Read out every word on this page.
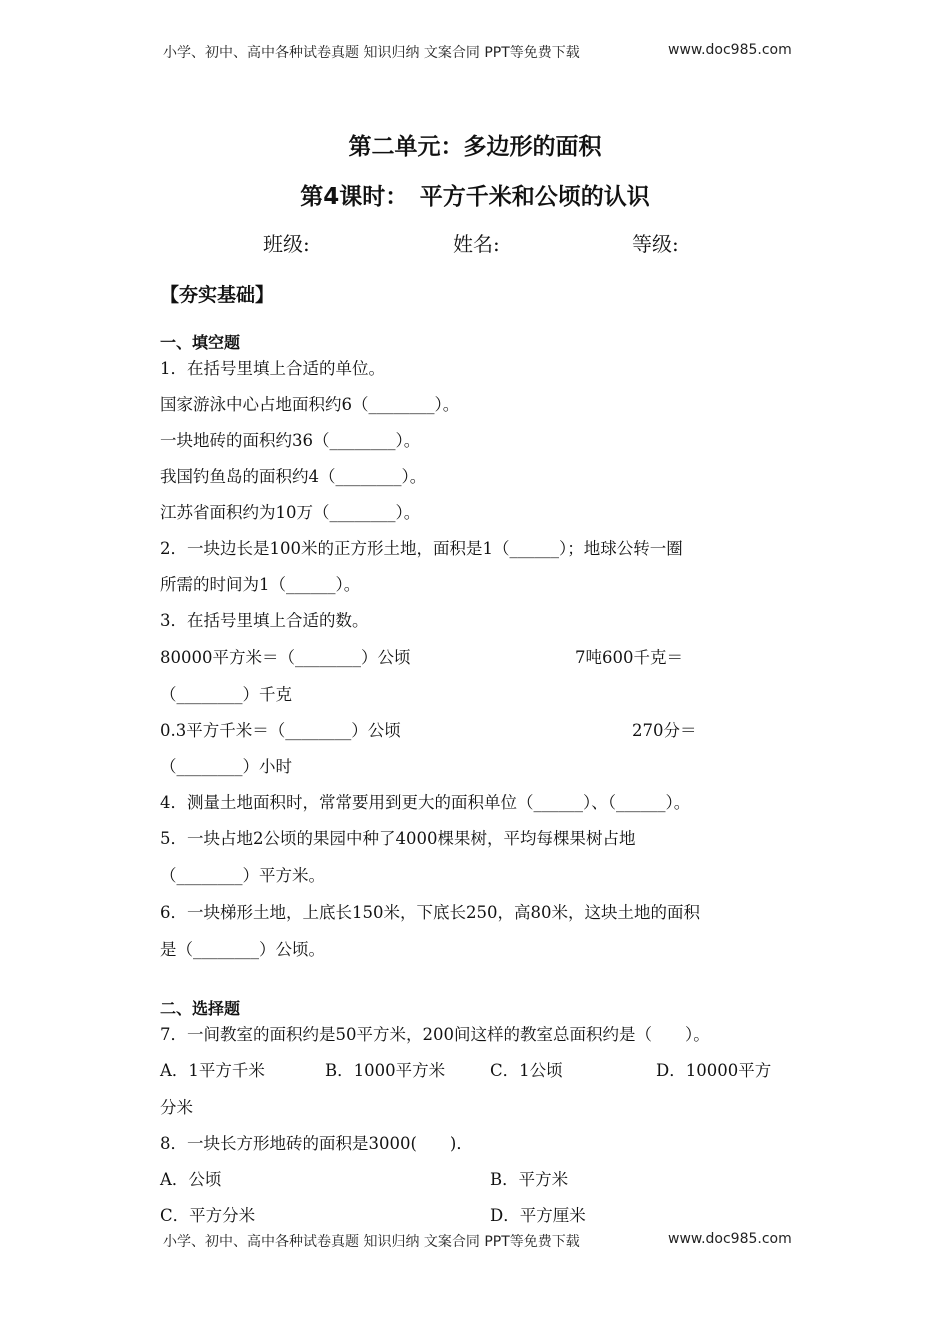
小学、初中、高中各种试卷真题 知识归纳 文案合同 PPT等免费下载	www.doc985.com
第二单元：多边形的面积
第4课时：　平方千米和公顷的认识
班级:	姓名:	等级:
【夯实基础】
一、填空题
1．在括号里填上合适的单位。
国家游泳中心占地面积约6（________）。
一块地砖的面积约36（________）。
我国钓鱼岛的面积约4（________）。
江苏省面积约为10万（________）。
2．一块边长是100米的正方形土地，面积是1（______）；地球公转一圈
所需的时间为1（______）。
3．在括号里填上合适的数。
80000平方米＝（________）公顷	7吨600千克＝
（________）千克
0.3平方千米＝（________）公顷	270分＝
（________）小时
4．测量土地面积时，常常要用到更大的面积单位（______）、（______）。
5．一块占地2公顷的果园中种了4000棵果树，平均每棵果树占地
（________）平方米。
6．一块梯形土地，上底长150米，下底长250，高80米，这块土地的面积
是（________）公顷。
二、选择题
7．一间教室的面积约是50平方米，200间这样的教室总面积约是（　　）。
A．1平方千米	B．1000平方米	C．1公顷	D．10000平方
分米
8．一块长方形地砖的面积是3000(　　)．
A．公顷	B．平方米
C．平方分米	D．平方厘米
小学、初中、高中各种试卷真题 知识归纳 文案合同 PPT等免费下载	www.doc985.com
